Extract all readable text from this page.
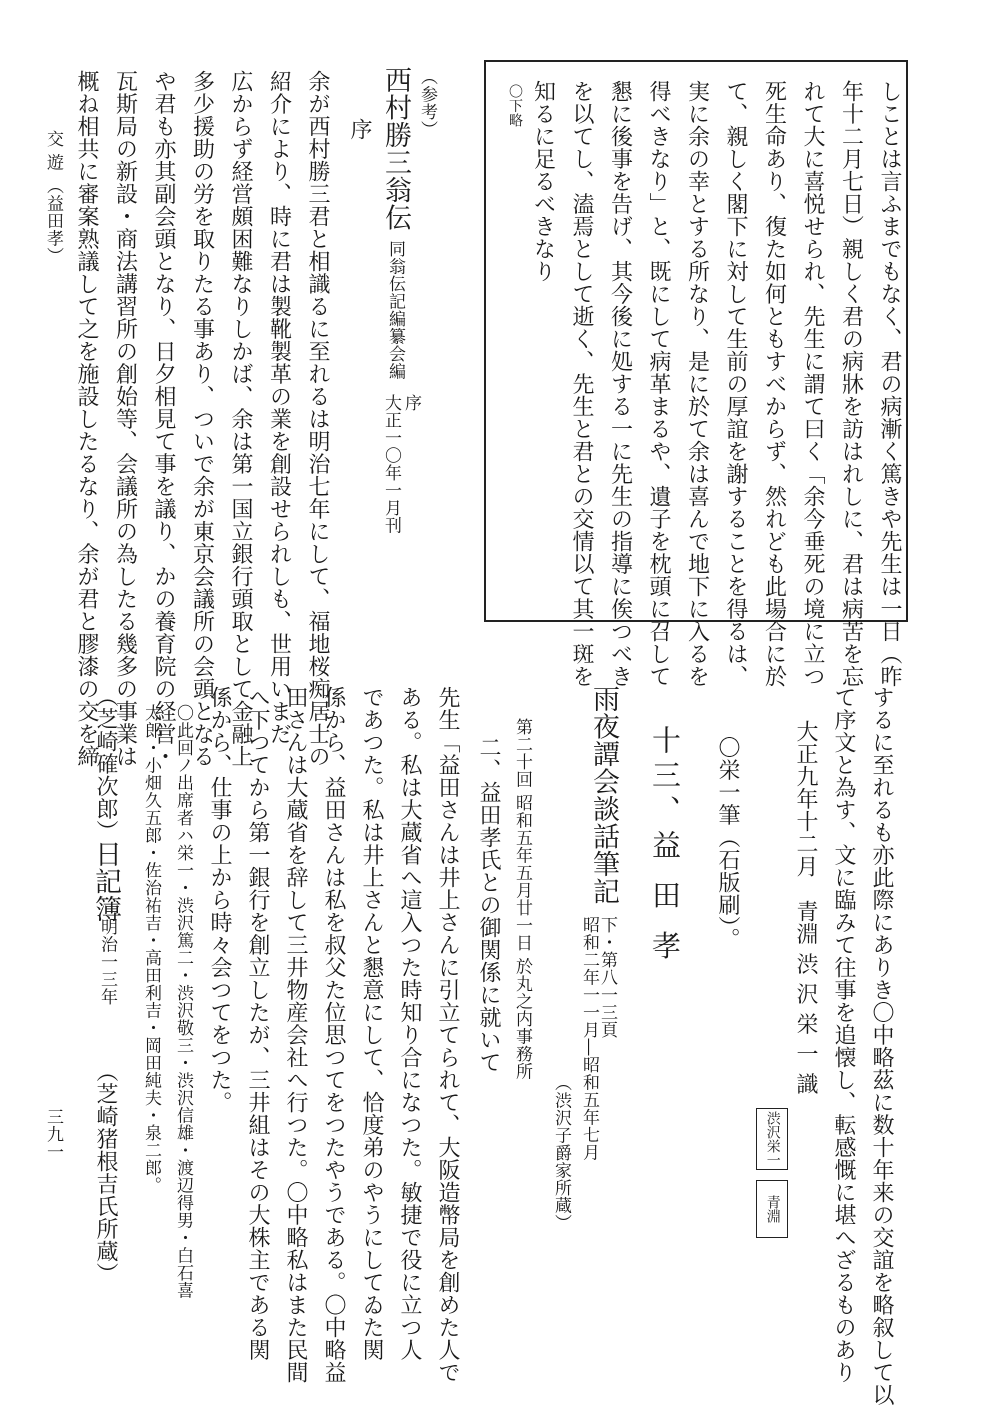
しことは言ふまでもなく、君の病漸く篤きや先生は一日（昨
年十二月七日）親しく君の病牀を訪はれしに、君は病苦を忘
れて大に喜悦せられ、先生に謂て曰く「余今垂死の境に立つ
死生命あり、復た如何ともすべからず、然れども此場合に於
て、親しく閣下に対して生前の厚誼を謝することを得るは、
実に余の幸とする所なり、是に於て余は喜んで地下に入るを
得べきなり」と、既にして病革まるや、遺子を枕頭に召して
懇に後事を告げ、其今後に処する一に先生の指導に俟つべき
を以てし、溘焉として逝く、先生と君との交情以て其一斑を
知るに足るべきなり
〇下略
（参考）
西村勝三翁伝
同翁伝記編纂会編
序
大正一〇年一月刊
序
余が西村勝三君と相識るに至れるは明治七年にして、福地桜痴居士の
紹介により、時に君は製靴製革の業を創設せられしも、世用いまだ
広からず経営頗困難なりしかば、余は第一国立銀行頭取として金融上
多少援助の労を取りたる事あり、ついで余が東京会議所の会頭となる
や君も亦其副会頭となり、日夕相見て事を議り、かの養育院の経営・
瓦斯局の新設・商法講習所の創始等、会議所の為したる幾多の事業は
概ね相共に審案熟議して之を施設したるなり、余が君と膠漆の交を締
交 遊 （益田孝）
するに至れるも亦此際にありき〇中略茲に数十年来の交誼を略叙して以
て序文と為す、文に臨みて往事を追懐し、転感慨に堪へざるものあり
大正九年十二月
青淵 渋 沢 栄 一 識
渋沢栄一
青淵
〇栄一筆（石版刷）。
十三、益 田 孝
雨夜譚会談話筆記
下・第八一三頁
昭和二年一一月―昭和五年七月
（渋沢子爵家所蔵）
第二十回 昭和五年五月廿一日 於丸之内事務所
二、益田孝氏との御関係に就いて
先生「益田さんは井上さんに引立てられて、大阪造幣局を創めた人で
ある。私は大蔵省へ這入つた時知り合になつた。敏捷で役に立つ人
であつた。私は井上さんと懇意にして、恰度弟のやうにしてゐた関
係から、益田さんは私を叔父た位思つてをつたやうである。〇中略益
田さんは大蔵省を辞して三井物産会社へ行つた。〇中略私はまた民間
へ下つてから第一銀行を創立したが、三井組はその大株主である関
係から、仕事の上から時々会つてをつた。
〇此回ノ出席者ハ栄一・渋沢篤二・渋沢敬三・渋沢信雄・渡辺得男・白石喜
太郎・小畑久五郎・佐治祐吉・高田利吉・岡田純夫・泉二郎。
（芝崎確次郎）
日記簿
明治一三年
（芝崎猪根吉氏所蔵）
三九一
